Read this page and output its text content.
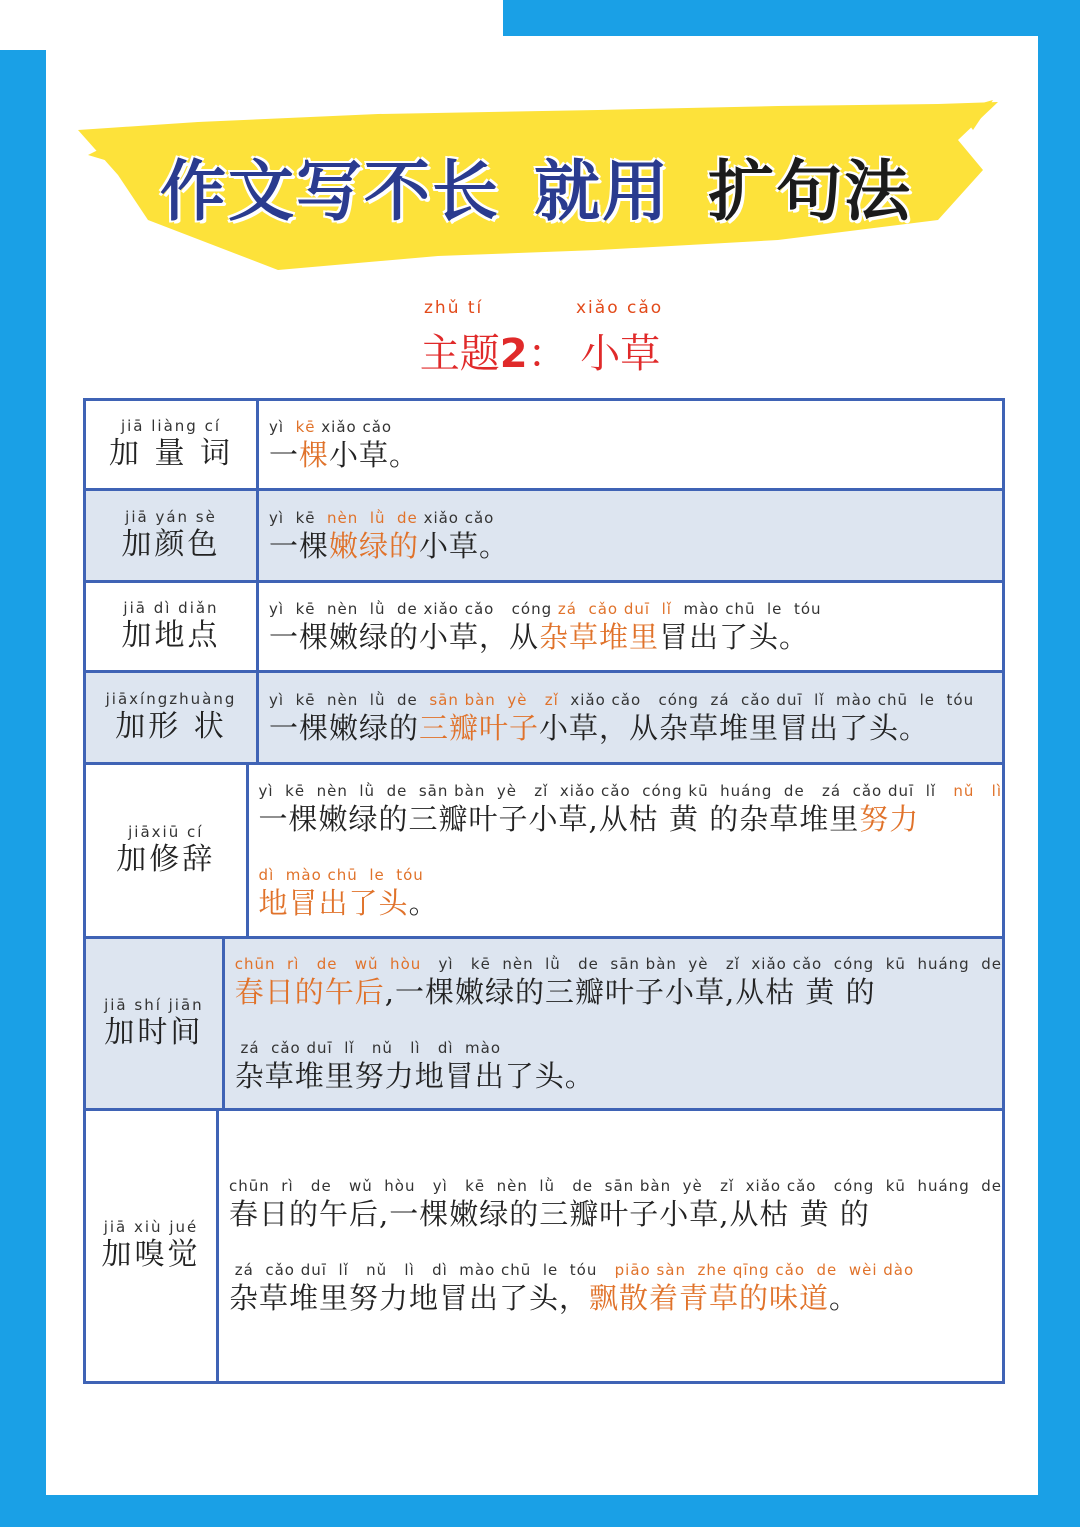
作文写不长 就用 扩句法
zhǔ tí	xiǎo cǎo
主题2： 小草
jiā liàng cí
加 量 词
yì  kē xiǎo cǎo
一棵小草。
jiā yán sè
加颜色
yì  kē  nèn  lǜ  de xiǎo cǎo
一棵嫩绿的小草。
jiā dì diǎn
加地点
yì  kē  nèn  lǜ  de xiǎo cǎo   cóng zá  cǎo duī  lǐ  mào chū  le  tóu
一棵嫩绿的小草，从杂草堆里冒出了头。
jiāxíngzhuàng
加形 状
yì  kē  nèn  lǜ  de  sān bàn  yè   zǐ  xiǎo cǎo   cóng  zá  cǎo duī  lǐ  mào chū  le  tóu
一棵嫩绿的三瓣叶子小草，从杂草堆里冒出了头。
jiāxiū cí
加修辞
yì  kē  nèn  lǜ  de  sān bàn  yè   zǐ  xiǎo cǎo  cóng kū  huáng  de   zá  cǎo duī  lǐ   nǔ   lì
一棵嫩绿的三瓣叶子小草,从枯 黄 的杂草堆里努力
dì  mào chū  le  tóu
地冒出了头。
jiā shí jiān
加时间
chūn  rì   de   wǔ  hòu   yì   kē  nèn  lǜ   de  sān bàn  yè   zǐ  xiǎo cǎo  cóng  kū  huáng  de
春日的午后,一棵嫩绿的三瓣叶子小草,从枯 黄 的
zá  cǎo duī  lǐ   nǔ   lì   dì  mào
杂草堆里努力地冒出了头。
jiā xiù jué
加嗅觉
chūn  rì   de   wǔ  hòu   yì   kē  nèn  lǜ   de  sān bàn  yè   zǐ  xiǎo cǎo   cóng  kū  huáng  de
春日的午后,一棵嫩绿的三瓣叶子小草,从枯 黄 的
zá  cǎo duī  lǐ   nǔ   lì   dì  mào chū  le  tóu   piāo sàn  zhe qīng cǎo  de  wèi dào
杂草堆里努力地冒出了头，飘散着青草的味道。
